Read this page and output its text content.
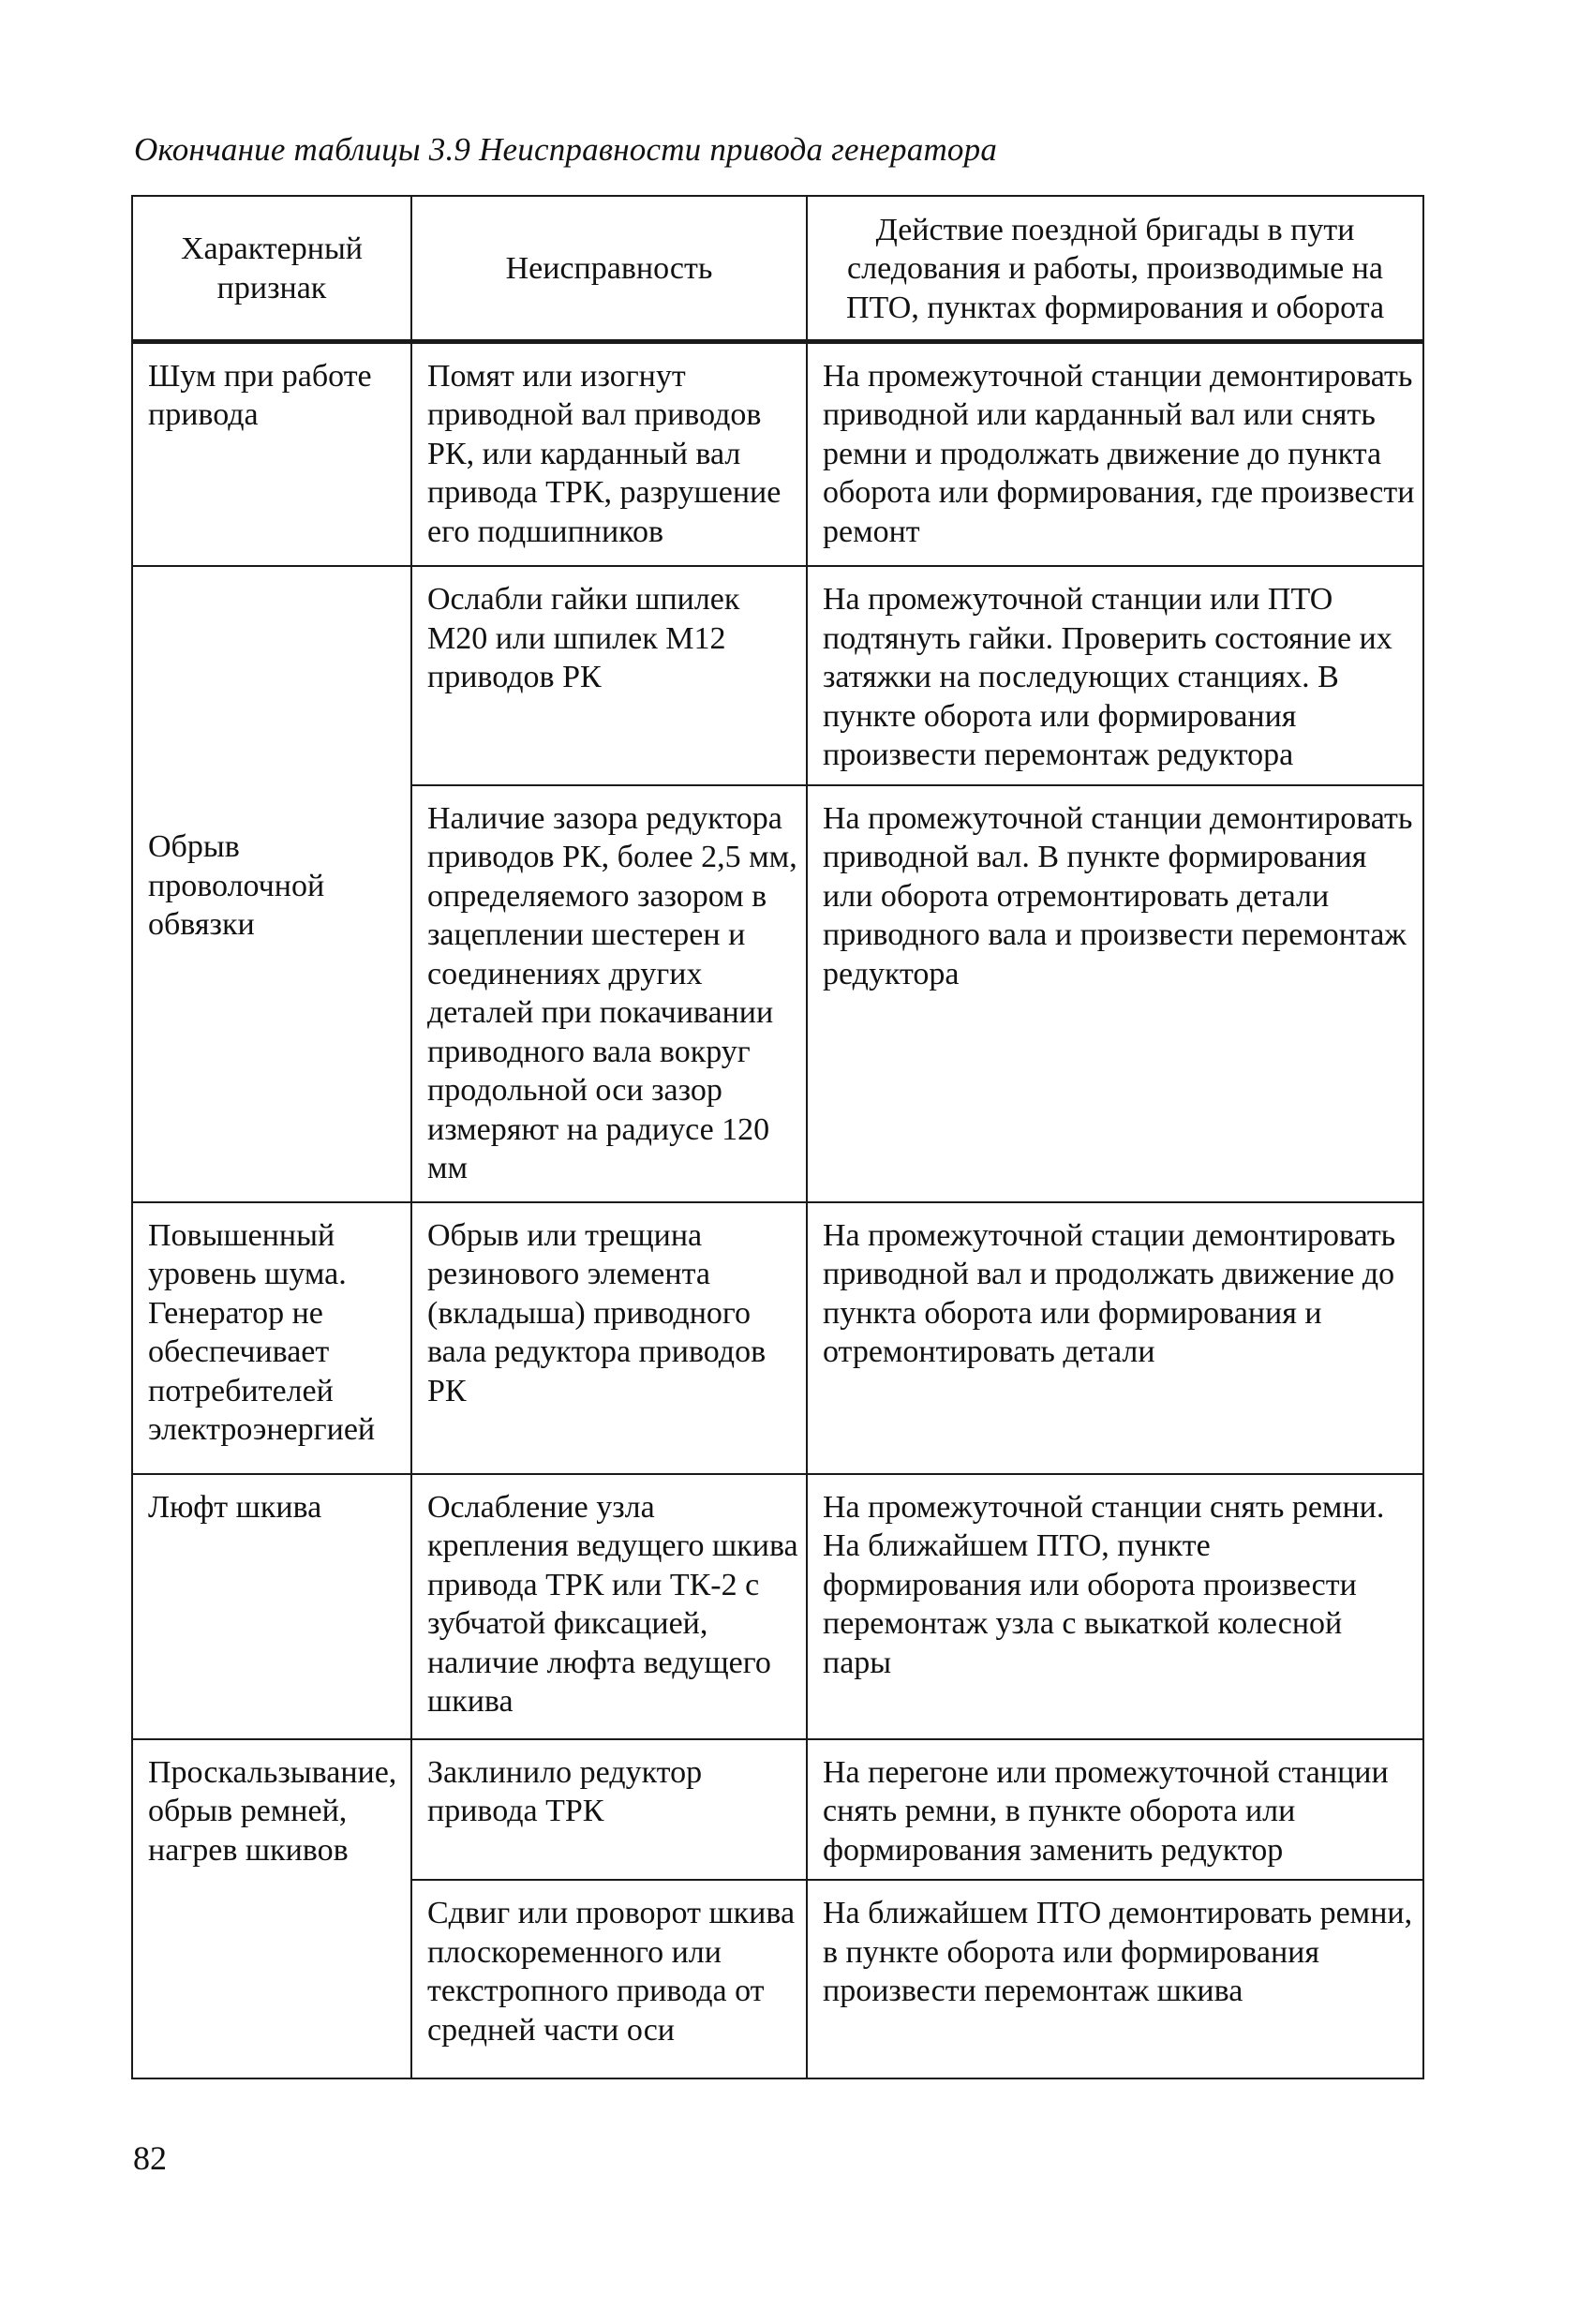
Окончание таблицы 3.9 Неисправности привода генератора
Характерный признак	Неисправность	Действие поездной бригады в пути следования и работы, производимые на ПТО, пунктах формирования и оборота
Шум при работе привода	Помят или изогнут приводной вал приводов РК, или карданный вал привода ТРК, разрушение его подшипников	На промежуточной станции демонтировать приводной или карданный вал или снять ремни и продолжать движение до пункта оборота или формирования, где произвести ремонт
Обрыв проволочной обвязки	Ослабли гайки шпилек М20 или шпилек М12 приводов РК	На промежуточной станции или ПТО подтянуть гайки. Проверить состояние их затяжки на последующих станциях. В пункте оборота или формирования произвести перемонтаж редуктора
	Наличие зазора редуктора приводов РК, более 2,5 мм, определяемого зазором в зацеплении шестерен и соединениях других деталей при покачивании приводного вала вокруг продольной оси зазор измеряют на радиусе 120 мм	На промежуточной станции демонтировать приводной вал. В пункте формирования или оборота отремонтировать детали приводного вала и произвести перемонтаж редуктора
Повышенный уровень шума. Генератор не обеспечивает потребителей электроэнергией	Обрыв или трещина резинового элемента (вкладыша) приводного вала редуктора приводов РК	На промежуточной стации демонтировать приводной вал и продолжать движение до пункта оборота или формирования и отремонтировать детали
Люфт шкива	Ослабление узла крепления ведущего шкива привода ТРК или ТК-2 с зубчатой фиксацией, наличие люфта ведущего шкива	На промежуточной станции снять ремни. На ближайшем ПТО, пункте формирования или оборота произвести перемонтаж узла с выкаткой колесной пары
Проскальзывание, обрыв ремней, нагрев шкивов	Заклинило редуктор привода ТРК	На перегоне или промежуточной станции снять ремни, в пункте оборота или формирования заменить редуктор
	Сдвиг или проворот шкива плоскоременного или текстропного привода от средней части оси	На ближайшем ПТО демонтировать ремни, в пункте оборота или формирования произвести перемонтаж шкива
82
